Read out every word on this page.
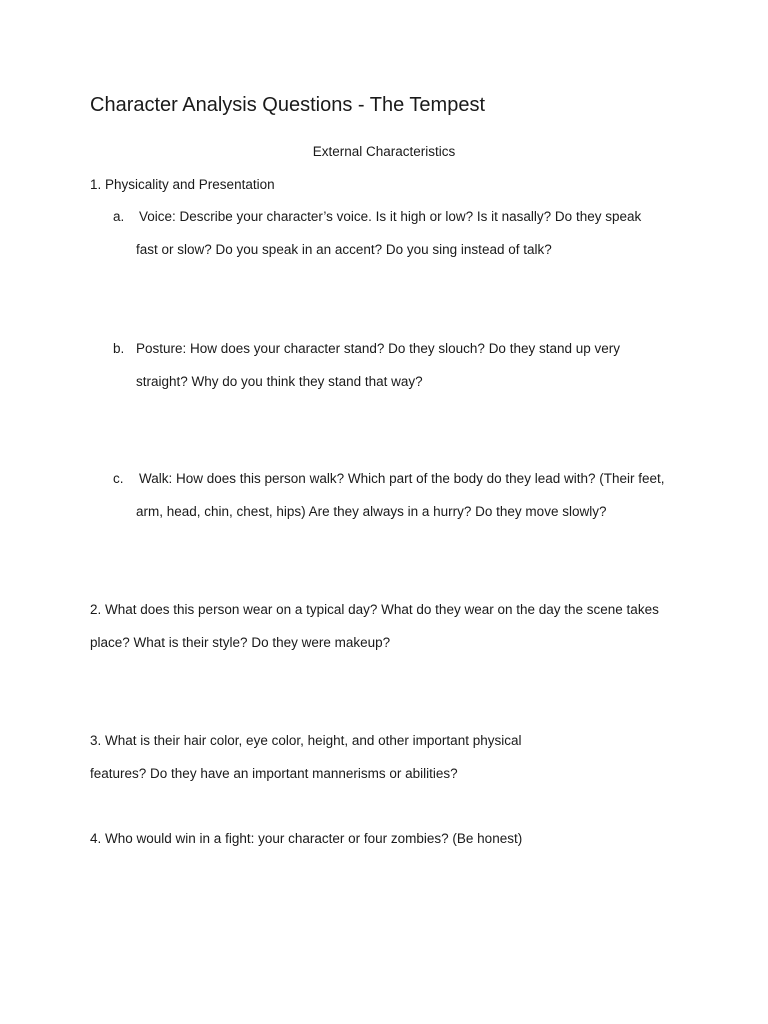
Character Analysis Questions - The Tempest
External Characteristics
1. Physicality and Presentation
a. Voice: Describe your character’s voice. Is it high or low? Is it nasally? Do they speak
fast or slow? Do you speak in an accent? Do you sing instead of talk?
b. Posture: How does your character stand? Do they slouch? Do they stand up very
straight? Why do you think they stand that way?
c. Walk: How does this person walk? Which part of the body do they lead with? (Their feet,
arm, head, chin, chest, hips) Are they always in a hurry? Do they move slowly?
2. What does this person wear on a typical day? What do they wear on the day the scene takes
place? What is their style? Do they were makeup?
3. What is their hair color, eye color, height, and other important physical
features? Do they have an important mannerisms or abilities?
4. Who would win in a fight: your character or four zombies? (Be honest)
